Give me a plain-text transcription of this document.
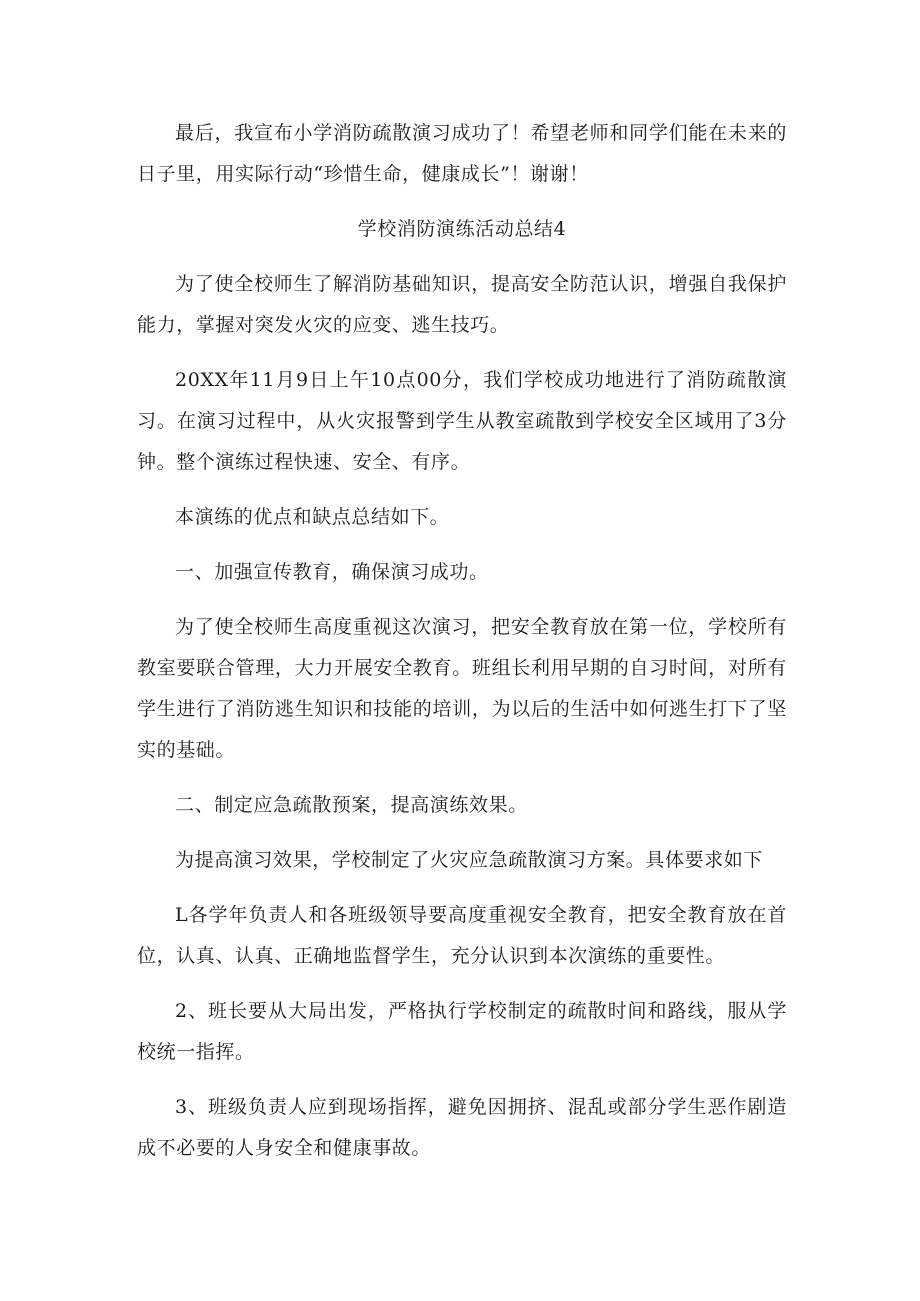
最后，我宣布小学消防疏散演习成功了！希望老师和同学们能在未来的日子里，用实际行动“珍惜生命，健康成长”！谢谢！

学校消防演练活动总结4

为了使全校师生了解消防基础知识，提高安全防范认识，增强自我保护能力，掌握对突发火灾的应变、逃生技巧。

20XX年11月9日上午10点00分，我们学校成功地进行了消防疏散演习。在演习过程中，从火灾报警到学生从教室疏散到学校安全区域用了3分钟。整个演练过程快速、安全、有序。

本演练的优点和缺点总结如下。

一、加强宣传教育，确保演习成功。

为了使全校师生高度重视这次演习，把安全教育放在第一位，学校所有教室要联合管理，大力开展安全教育。班组长利用早期的自习时间，对所有学生进行了消防逃生知识和技能的培训，为以后的生活中如何逃生打下了坚实的基础。

二、制定应急疏散预案，提高演练效果。

为提高演习效果，学校制定了火灾应急疏散演习方案。具体要求如下

L各学年负责人和各班级领导要高度重视安全教育，把安全教育放在首位，认真、认真、正确地监督学生，充分认识到本次演练的重要性。

2、班长要从大局出发，严格执行学校制定的疏散时间和路线，服从学校统一指挥。

3、班级负责人应到现场指挥，避免因拥挤、混乱或部分学生恶作剧造成不必要的人身安全和健康事故。
